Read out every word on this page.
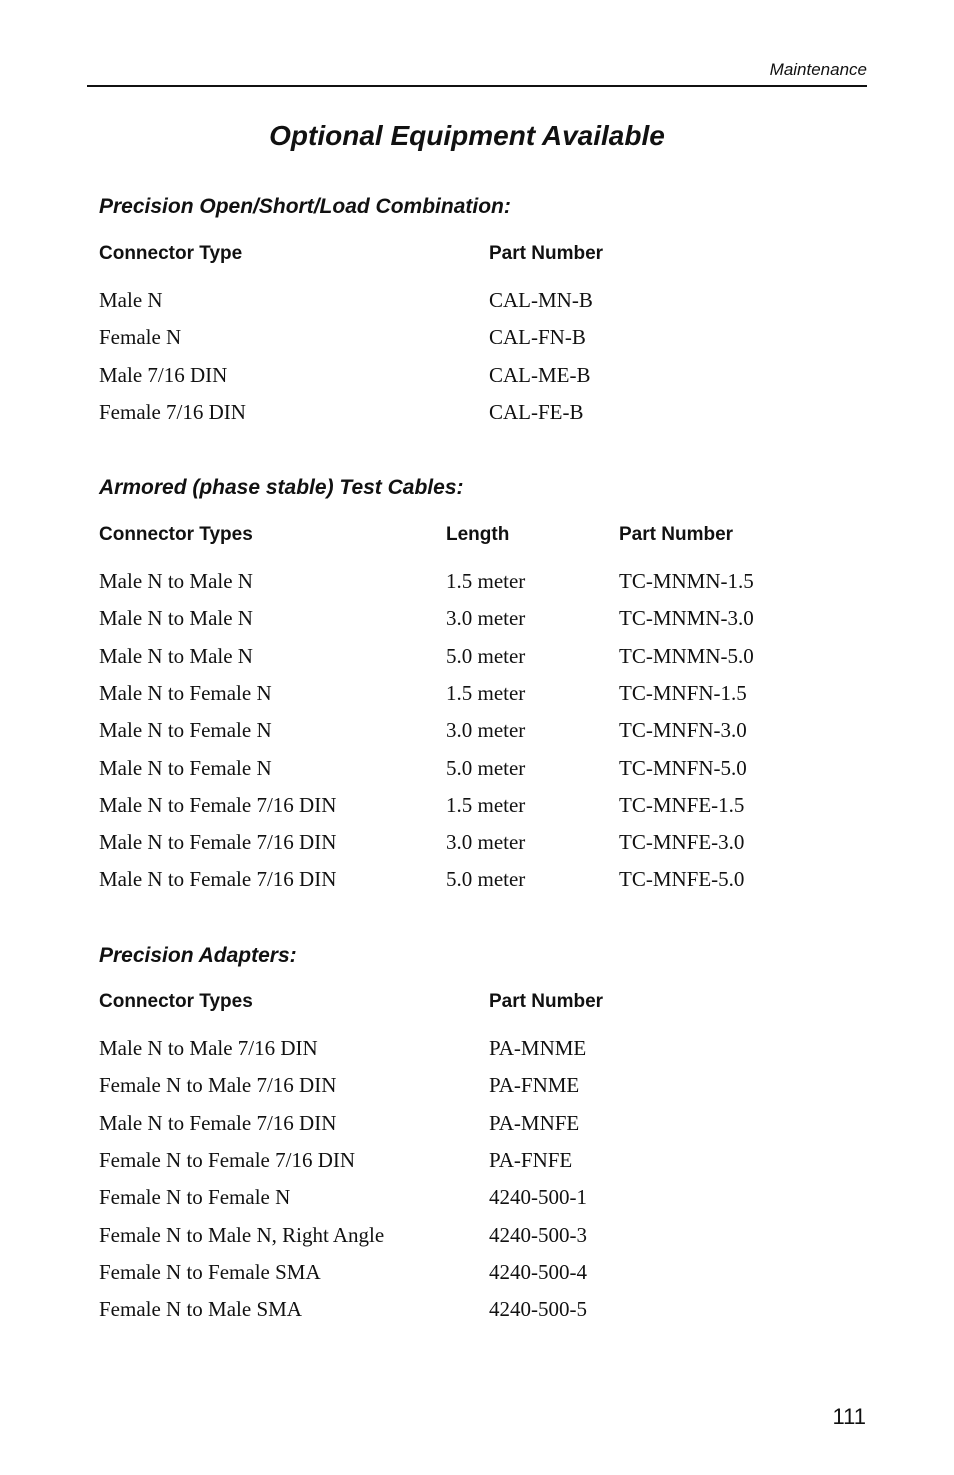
Maintenance
Optional Equipment Available
Precision Open/Short/Load Combination:
Connector Type	Part Number
Male N	CAL-MN-B
Female N	CAL-FN-B
Male 7/16 DIN	CAL-ME-B
Female 7/16 DIN	CAL-FE-B
Armored (phase stable) Test Cables:
Connector Types	Length	Part Number
Male N to Male N	1.5 meter	TC-MNMN-1.5
Male N to Male N	3.0 meter	TC-MNMN-3.0
Male N to Male N	5.0 meter	TC-MNMN-5.0
Male N to Female N	1.5 meter	TC-MNFN-1.5
Male N to Female N	3.0 meter	TC-MNFN-3.0
Male N to Female N	5.0 meter	TC-MNFN-5.0
Male N to Female 7/16 DIN	1.5 meter	TC-MNFE-1.5
Male N to Female 7/16 DIN	3.0 meter	TC-MNFE-3.0
Male N to Female 7/16 DIN	5.0 meter	TC-MNFE-5.0
Precision Adapters:
Connector Types	Part Number
Male N to Male 7/16 DIN	PA-MNME
Female N to Male 7/16 DIN	PA-FNME
Male N to Female 7/16 DIN	PA-MNFE
Female N to Female 7/16 DIN	PA-FNFE
Female N to Female N	4240-500-1
Female N to Male N, Right Angle	4240-500-3
Female N to Female SMA	4240-500-4
Female N to Male SMA	4240-500-5
111
